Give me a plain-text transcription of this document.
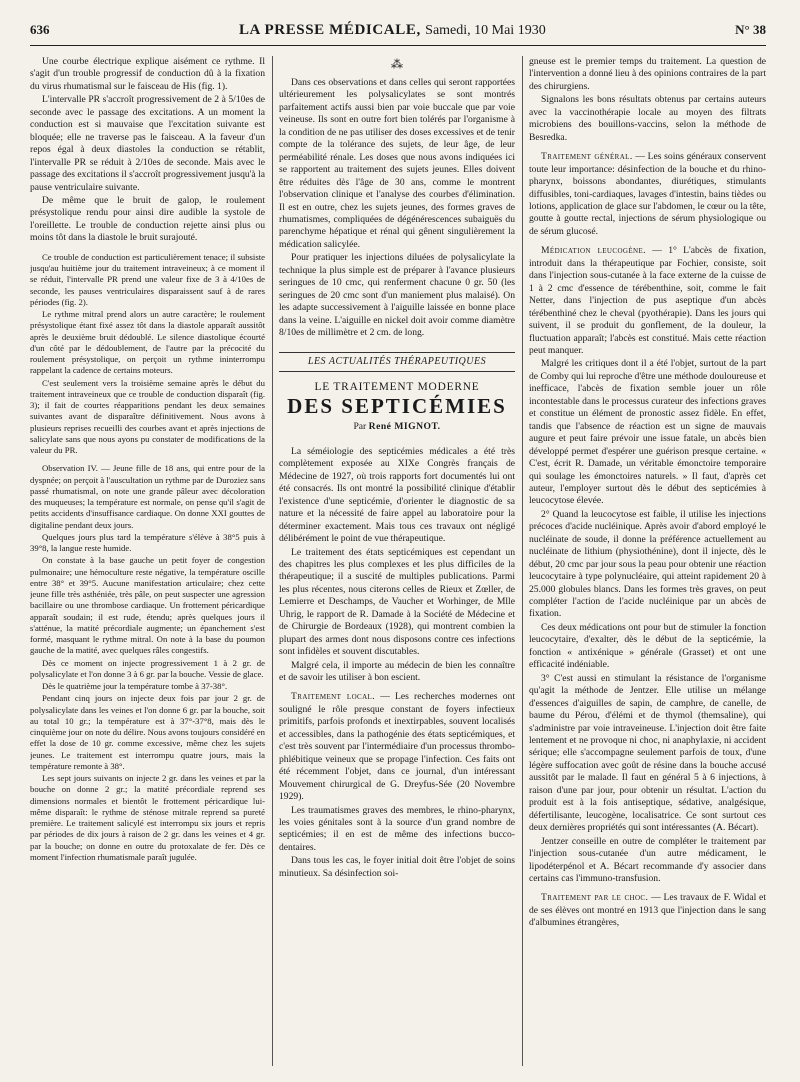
636	LA PRESSE MÉDICALE, Samedi, 10 Mai 1930	N° 38

Une courbe électrique explique aisément ce rythme. Il s'agit d'un trouble progressif de conduction dû à la fixation du virus rhumatismal sur le faisceau de His (fig. 1).

L'intervalle PR s'accroît progressivement de 2 à 5/10es de seconde avec le passage des excitations. A un moment la conduction est si mauvaise que l'excitation suivante est bloquée; elle ne traverse pas le faisceau. A la faveur d'un repos égal à deux diastoles la conduction se rétablit, l'intervalle PR se réduit à 2/10es de seconde. Mais avec le passage des excitations il s'accroît progressivement jusqu'à la pause ventriculaire suivante.

De même que le bruit de galop, le roulement présystolique rendu pour ainsi dire audible la systole de l'oreillette. Le trouble de conduction rejette ainsi plus ou moins tôt dans la diastole le bruit surajouté.

Ce trouble de conduction est particulièrement tenace; il subsiste jusqu'au huitième jour du traitement intraveineux; à ce moment il se réduit, l'intervalle PR prend une valeur fixe de 3 à 4/10es de seconde, les pauses ventriculaires disparaissent sauf à de rares périodes (fig. 2).

Le rythme mitral prend alors un autre caractère; le roulement présystolique étant fixé assez tôt dans la diastole apparaît aussitôt après le deuxième bruit dédoublé. Le silence diastolique écourté d'un côté par le dédoublement, de l'autre par la précocité du roulement présystolique, on perçoit un rythme ininterrompu rappelant la cadence de certains moteurs.

C'est seulement vers la troisième semaine après le début du traitement intraveineux que ce trouble de conduction disparaît (fig. 3); il fait de courtes réapparitions pendant les deux semaines suivantes avant de disparaître définitivement. Nous avons à plusieurs reprises recueilli des courbes avant et après injections de salicylate sans que nous ayons pu constater de modifications de la valeur du PR.

Observation IV. — Jeune fille de 18 ans, qui entre pour de la dyspnée; on perçoit à l'auscultation un rythme par de Duroziez sans passé rhumatismal, on note une grande pâleur avec décoloration des muqueuses; la température est normale, on pense qu'il s'agit de petits accidents d'insuffisance cardiaque. On donne XXI gouttes de digitaline pendant deux jours.

Quelques jours plus tard la température s'élève à 38°5 puis à 39°8, la langue reste humide.

On constate à la base gauche un petit foyer de congestion pulmonaire; une hémoculture reste négative, la température oscille entre 38° et 39°5. Aucune manifestation articulaire; chez cette jeune fille très asthéniée, très pâle, on peut suspecter une agression bacillaire ou une thrombose cardiaque. Un frottement péricardique apparaît soudain; il est rude, étendu; après quelques jours il s'atténue, la matité précordiale augmente; un épanchement s'est formé, masquant le rythme mitral. On note à la base du poumon gauche de la matité, avec quelques râles congestifs.

Dès ce moment on injecte progressivement 1 à 2 gr. de polysalicylate et l'on donne 3 à 6 gr. par la bouche. Vessie de glace.

Dès le quatrième jour la température tombe à 37-38°.

Pendant cinq jours on injecte deux fois par jour 2 gr. de polysalicylate dans les veines et l'on donne 6 gr. par la bouche, soit au total 10 gr.; la température est à 37°-37°8, mais dès le cinquième jour on note du délire. Nous avons toujours considéré en effet la dose de 10 gr. comme excessive, même chez les sujets jeunes. Le traitement est interrompu quatre jours, mais la température remonte à 38°.

Les sept jours suivants on injecte 2 gr. dans les veines et par la bouche on donne 2 gr.; la matité précordiale reprend ses dimensions normales et bientôt le frottement péricardique lui-même disparaît: le rythme de sténose mitrale reprend sa pureté première. Le traitement salicylé est interrompu six jours et repris par périodes de dix jours à raison de 2 gr. dans les veines et 4 gr. par la bouche; on donne en outre du protoxalate de fer. Dès ce moment l'infection rhumatismale paraît jugulée.

⁂

Dans ces observations et dans celles qui seront rapportées ultérieurement les polysalicylates se sont montrés parfaitement actifs aussi bien par voie buccale que par voie veineuse. Ils sont en outre fort bien tolérés par l'organisme à la condition de ne pas utiliser des doses excessives et de tenir compte de la tolérance des sujets, de leur âge, de leur perméabilité rénale. Les doses que nous avons indiquées ici se rapportent au traitement des sujets jeunes. Elles doivent être réduites dès l'âge de 30 ans, comme le montrent l'observation clinique et l'analyse des courbes d'élimination. Il est en outre, chez les sujets jeunes, des formes graves de rhumatismes, compliquées de dégénérescences subaiguës du parenchyme hépatique et rénal qui gênent singulièrement la médication salicylée.

Pour pratiquer les injections diluées de polysalicylate la technique la plus simple est de préparer à l'avance plusieurs seringues de 10 cmc, qui renferment chacune 0 gr. 50 (les seringues de 20 cmc sont d'un maniement plus malaisé). On les adapte successivement à l'aiguille laissée en bonne place dans la veine. L'aiguille en nickel doit avoir comme diamètre 8/10es de millimètre et 2 cm. de long.

LES ACTUALITÉS THÉRAPEUTIQUES
LE TRAITEMENT MODERNE
DES SEPTICÉMIES
Par René MIGNOT.

La séméiologie des septicémies médicales a été très complètement exposée au XIXe Congrès français de Médecine de 1927, où trois rapports fort documentés lui ont été consacrés. Ils ont montré la possibilité clinique d'établir l'existence d'une septicémie, d'orienter le diagnostic de sa nature et la nécessité de faire appel au laboratoire pour la déterminer exactement. Mais tous ces travaux ont négligé délibérément le point de vue thérapeutique.

Le traitement des états septicémiques est cependant un des chapitres les plus complexes et les plus difficiles de la thérapeutique; il a suscité de multiples publications. Parmi les plus récentes, nous citerons celles de Rieux et Zœller, de Lemierre et Deschamps, de Vaucher et Worhinger, de Mlle Uhrig, le rapport de R. Damade à la Société de Médecine et de Chirurgie de Bordeaux (1928), qui montrent combien la plupart des armes dont nous disposons contre ces infections sont infidèles et souvent discutables.

Malgré cela, il importe au médecin de bien les connaître et de savoir les utiliser à bon escient.

Traitement local. — Les recherches modernes ont souligné le rôle presque constant de foyers infectieux primitifs, parfois profonds et inextirpables, souvent localisés et accessibles, dans la pathogénie des états septicémiques, et c'est très souvent par l'intermédiaire d'un processus thrombo-phlébitique veineux que se propage l'infection. Ces faits ont été récemment l'objet, dans ce journal, d'un intéressant Mouvement chirurgical de G. Dreyfus-Sée (20 Novembre 1929).

Les traumatismes graves des membres, le rhino-pharynx, les voies génitales sont à la source d'un grand nombre de septicémies; il en est de même des infections bucco-dentaires.

Dans tous les cas, le foyer initial doit être l'objet de soins minutieux. Sa désinfection soi-

gneuse est le premier temps du traitement. La question de l'intervention a donné lieu à des opinions contraires de la part des chirurgiens.

Signalons les bons résultats obtenus par certains auteurs avec la vaccinothérapie locale au moyen des filtrats microbiens des bouillons-vaccins, selon la méthode de Besredka.

Traitement général. — Les soins généraux conservent toute leur importance: désinfection de la bouche et du rhino-pharynx, boissons abondantes, diurétiques, stimulants diffusibles, toni-cardiaques, lavages d'intestin, bains tièdes ou lotions, application de glace sur l'abdomen, le cœur ou la tête, goutte à goutte rectal, injections de sérum physiologique ou de sérum glucosé.

Médication leucogène. — 1° L'abcès de fixation, introduit dans la thérapeutique par Fochier, consiste, soit dans l'injection sous-cutanée à la face externe de la cuisse de 1 à 2 cmc d'essence de térébenthine, soit, comme le fait Netter, dans l'injection de pus aseptique d'un abcès térébenthiné chez le cheval (pyothérapie). Dans les jours qui suivent, il se produit du gonflement, de la douleur, la fluctuation apparaît; l'abcès est constitué. Mais cette réaction peut manquer.

Malgré les critiques dont il a été l'objet, surtout de la part de Comby qui lui reproche d'être une méthode douloureuse et inefficace, l'abcès de fixation semble jouer un rôle incontestable dans le processus curateur des infections graves et constitue un élément de pronostic assez fidèle. En effet, tandis que l'absence de réaction est un signe de mauvais augure et peut faire prévoir une issue fatale, un abcès bien développé permet d'espérer une guérison presque certaine. « C'est, écrit R. Damade, un véritable émonctoire temporaire qui soulage les émonctoires naturels. » Il faut, d'après cet auteur, l'employer surtout dès le début des septicémies à leucocytose élevée.

2° Quand la leucocytose est faible, il utilise les injections précoces d'acide nucléinique. Après avoir d'abord employé le nucléinate de soude, il donne la préférence actuellement au nucléinate de lithium (physiothénine), dont il injecte, dès le début, 20 cmc par jour sous la peau pour obtenir une réaction leucocytaire à type polynucléaire, qui atteint rapidement 20 à 25.000 globules blancs. Dans les formes très graves, on peut compléter l'action de l'acide nucléinique par un abcès de fixation.

Ces deux médications ont pour but de stimuler la fonction leucocytaire, d'exalter, dès le début de la septicémie, la fonction « antixénique » générale (Grasset) et ont une efficacité indéniable.

3° C'est aussi en stimulant la résistance de l'organisme qu'agit la méthode de Jentzer. Elle utilise un mélange d'essences d'aiguilles de sapin, de camphre, de canelle, de baume du Pérou, d'élémi et de thymol (themsaline), qui s'administre par voie intraveineuse. L'injection doit être faite lentement et ne provoque ni choc, ni anaphylaxie, ni accident sérique; elle s'accompagne seulement parfois de toux, d'une légère suffocation avec goût de résine dans la bouche accusé aussitôt par le malade. Il faut en général 5 à 6 injections, à raison d'une par jour, pour obtenir un résultat. L'action du produit est à la fois antiseptique, sédative, analgésique, défertilisante, leucogène, localisatrice. Ce sont surtout ces deux dernières propriétés qui sont intéressantes (A. Bécart).

Jentzer conseille en outre de compléter le traitement par l'injection sous-cutanée d'un autre médicament, le lipodéterpénol et A. Bécart recommande d'y associer dans certains cas l'immuno-transfusion.

Traitement par le choc. — Les travaux de F. Widal et de ses élèves ont montré en 1913 que l'injection dans le sang d'albumines étrangères,
